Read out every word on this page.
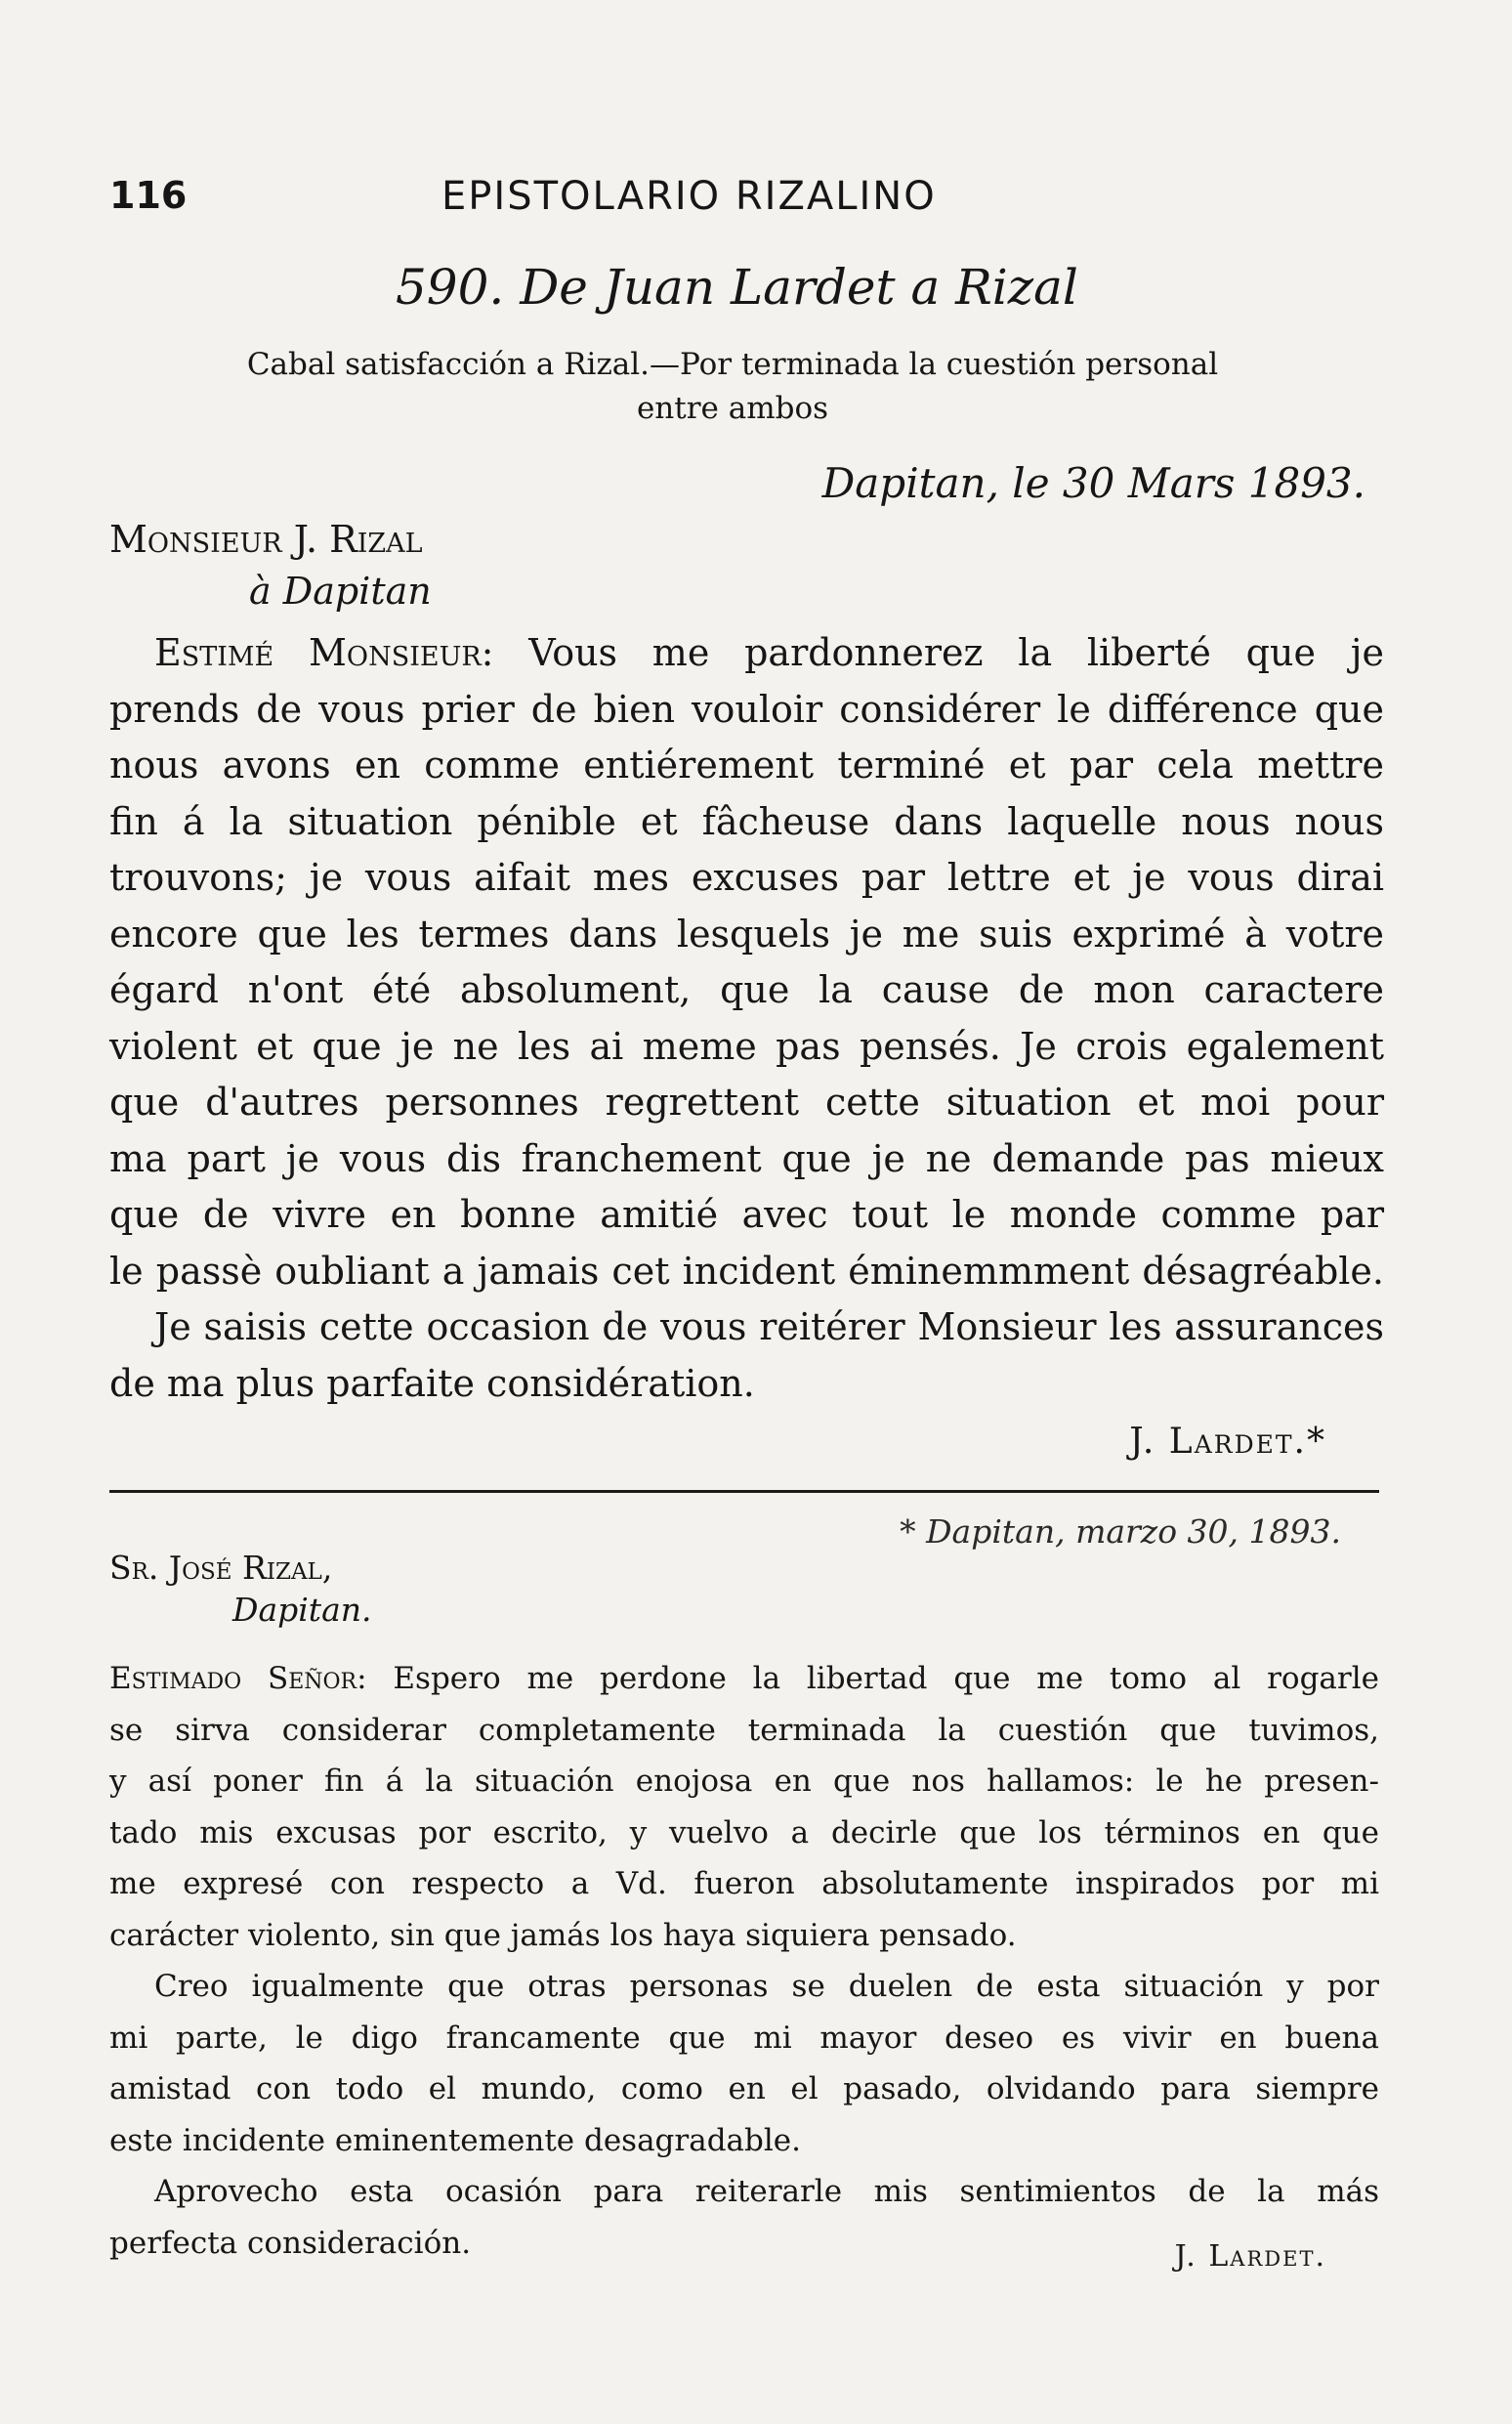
116	EPISTOLARIO RIZALINO
590. De Juan Lardet a Rizal
Cabal satisfacción a Rizal.—Por terminada la cuestión personal
entre ambos
Dapitan, le 30 Mars 1893.
Monsieur J. Rizal
à Dapitan
Estimé Monsieur: Vous me pardonnerez la liberté que je
prends de vous prier de bien vouloir considérer le différence que
nous avons en comme entiérement terminé et par cela mettre
fin á la situation pénible et fâcheuse dans laquelle nous nous
trouvons; je vous aifait mes excuses par lettre et je vous dirai
encore que les termes dans lesquels je me suis exprimé à votre
égard n'ont été absolument, que la cause de mon caractere
violent et que je ne les ai meme pas pensés. Je crois egalement
que d'autres personnes regrettent cette situation et moi pour
ma part je vous dis franchement que je ne demande pas mieux
que de vivre en bonne amitié avec tout le monde comme par
le passè oubliant a jamais cet incident éminemmment désagréable.
Je saisis cette occasion de vous reitérer Monsieur les assurances
de ma plus parfaite considération.
J. Lardet.*
* Dapitan, marzo 30, 1893.
Sr. José Rizal,
Dapitan.
Estimado Señor: Espero me perdone la libertad que me tomo al rogarle
se sirva considerar completamente terminada la cuestión que tuvimos,
y así poner fin á la situación enojosa en que nos hallamos: le he presen-
tado mis excusas por escrito, y vuelvo a decirle que los términos en que
me expresé con respecto a Vd. fueron absolutamente inspirados por mi
carácter violento, sin que jamás los haya siquiera pensado.
Creo igualmente que otras personas se duelen de esta situación y por
mi parte, le digo francamente que mi mayor deseo es vivir en buena
amistad con todo el mundo, como en el pasado, olvidando para siempre
este incidente eminentemente desagradable.
Aprovecho esta ocasión para reiterarle mis sentimientos de la más
perfecta consideración.	J. Lardet.
